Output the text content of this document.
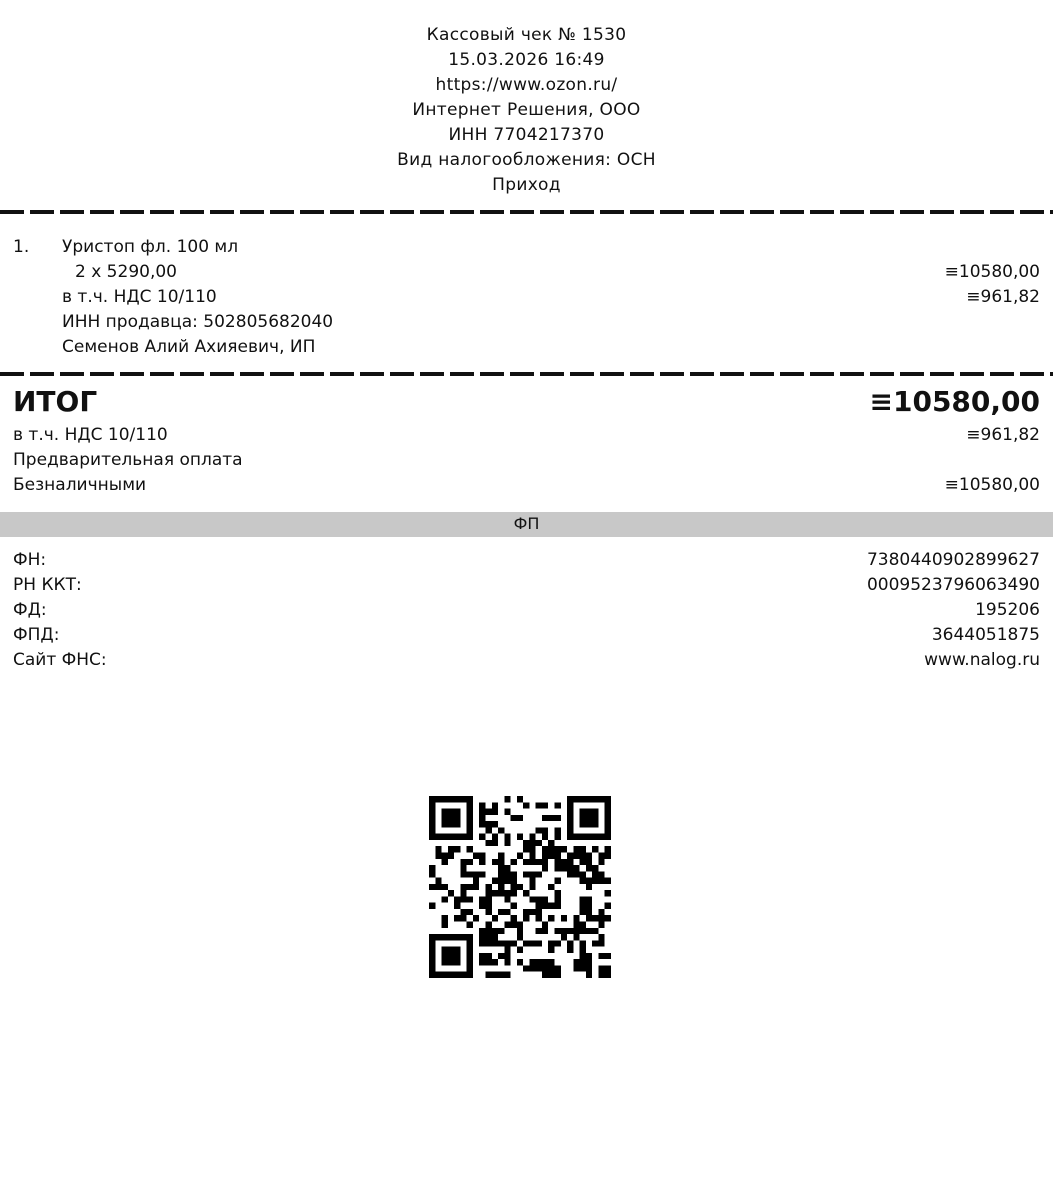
Кассовый чек № 1530
15.03.2026 16:49
https://www.ozon.ru/
Интернет Решения, ООО
ИНН 7704217370
Вид налогообложения: ОСН
Приход
1. Уристоп фл. 100 мл
2 x 5290,00	≡10580,00
в т.ч. НДС 10/110	≡961,82
ИНН продавца: 502805682040
Семенов Алий Ахияевич, ИП
ИТОГ	≡10580,00
в т.ч. НДС 10/110	≡961,82
Предварительная оплата
Безналичными	≡10580,00
ФП
ФН:	7380440902899627
РН ККТ:	0009523796063490
ФД:	195206
ФПД:	3644051875
Сайт ФНС:	www.nalog.ru
